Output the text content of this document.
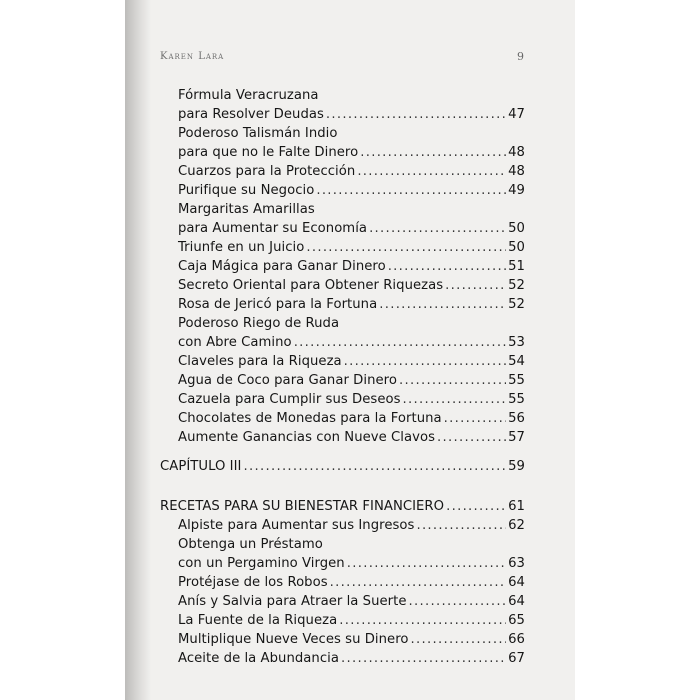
Karen Lara	9
Fórmula Veracruzana
para Resolver Deudas .....	47
Poderoso Talismán Indio
para que no le Falte Dinero .....	48
Cuarzos para la Protección .....	48
Purifique su Negocio .....	49
Margaritas Amarillas
para Aumentar su Economía .....	50
Triunfe en un Juicio .....	50
Caja Mágica para Ganar Dinero .....	51
Secreto Oriental para Obtener Riquezas .....	52
Rosa de Jericó para la Fortuna .....	52
Poderoso Riego de Ruda
con Abre Camino .....	53
Claveles para la Riqueza .....	54
Agua de Coco para Ganar Dinero .....	55
Cazuela para Cumplir sus Deseos .....	55
Chocolates de Monedas para la Fortuna .....	56
Aumente Ganancias con Nueve Clavos .....	57
CAPÍTULO III .....	59
RECETAS PARA SU BIENESTAR FINANCIERO .....	61
Alpiste para Aumentar sus Ingresos .....	62
Obtenga un Préstamo
con un Pergamino Virgen .....	63
Protéjase de los Robos .....	64
Anís y Salvia para Atraer la Suerte .....	64
La Fuente de la Riqueza .....	65
Multiplique Nueve Veces su Dinero .....	66
Aceite de la Abundancia .....	67
